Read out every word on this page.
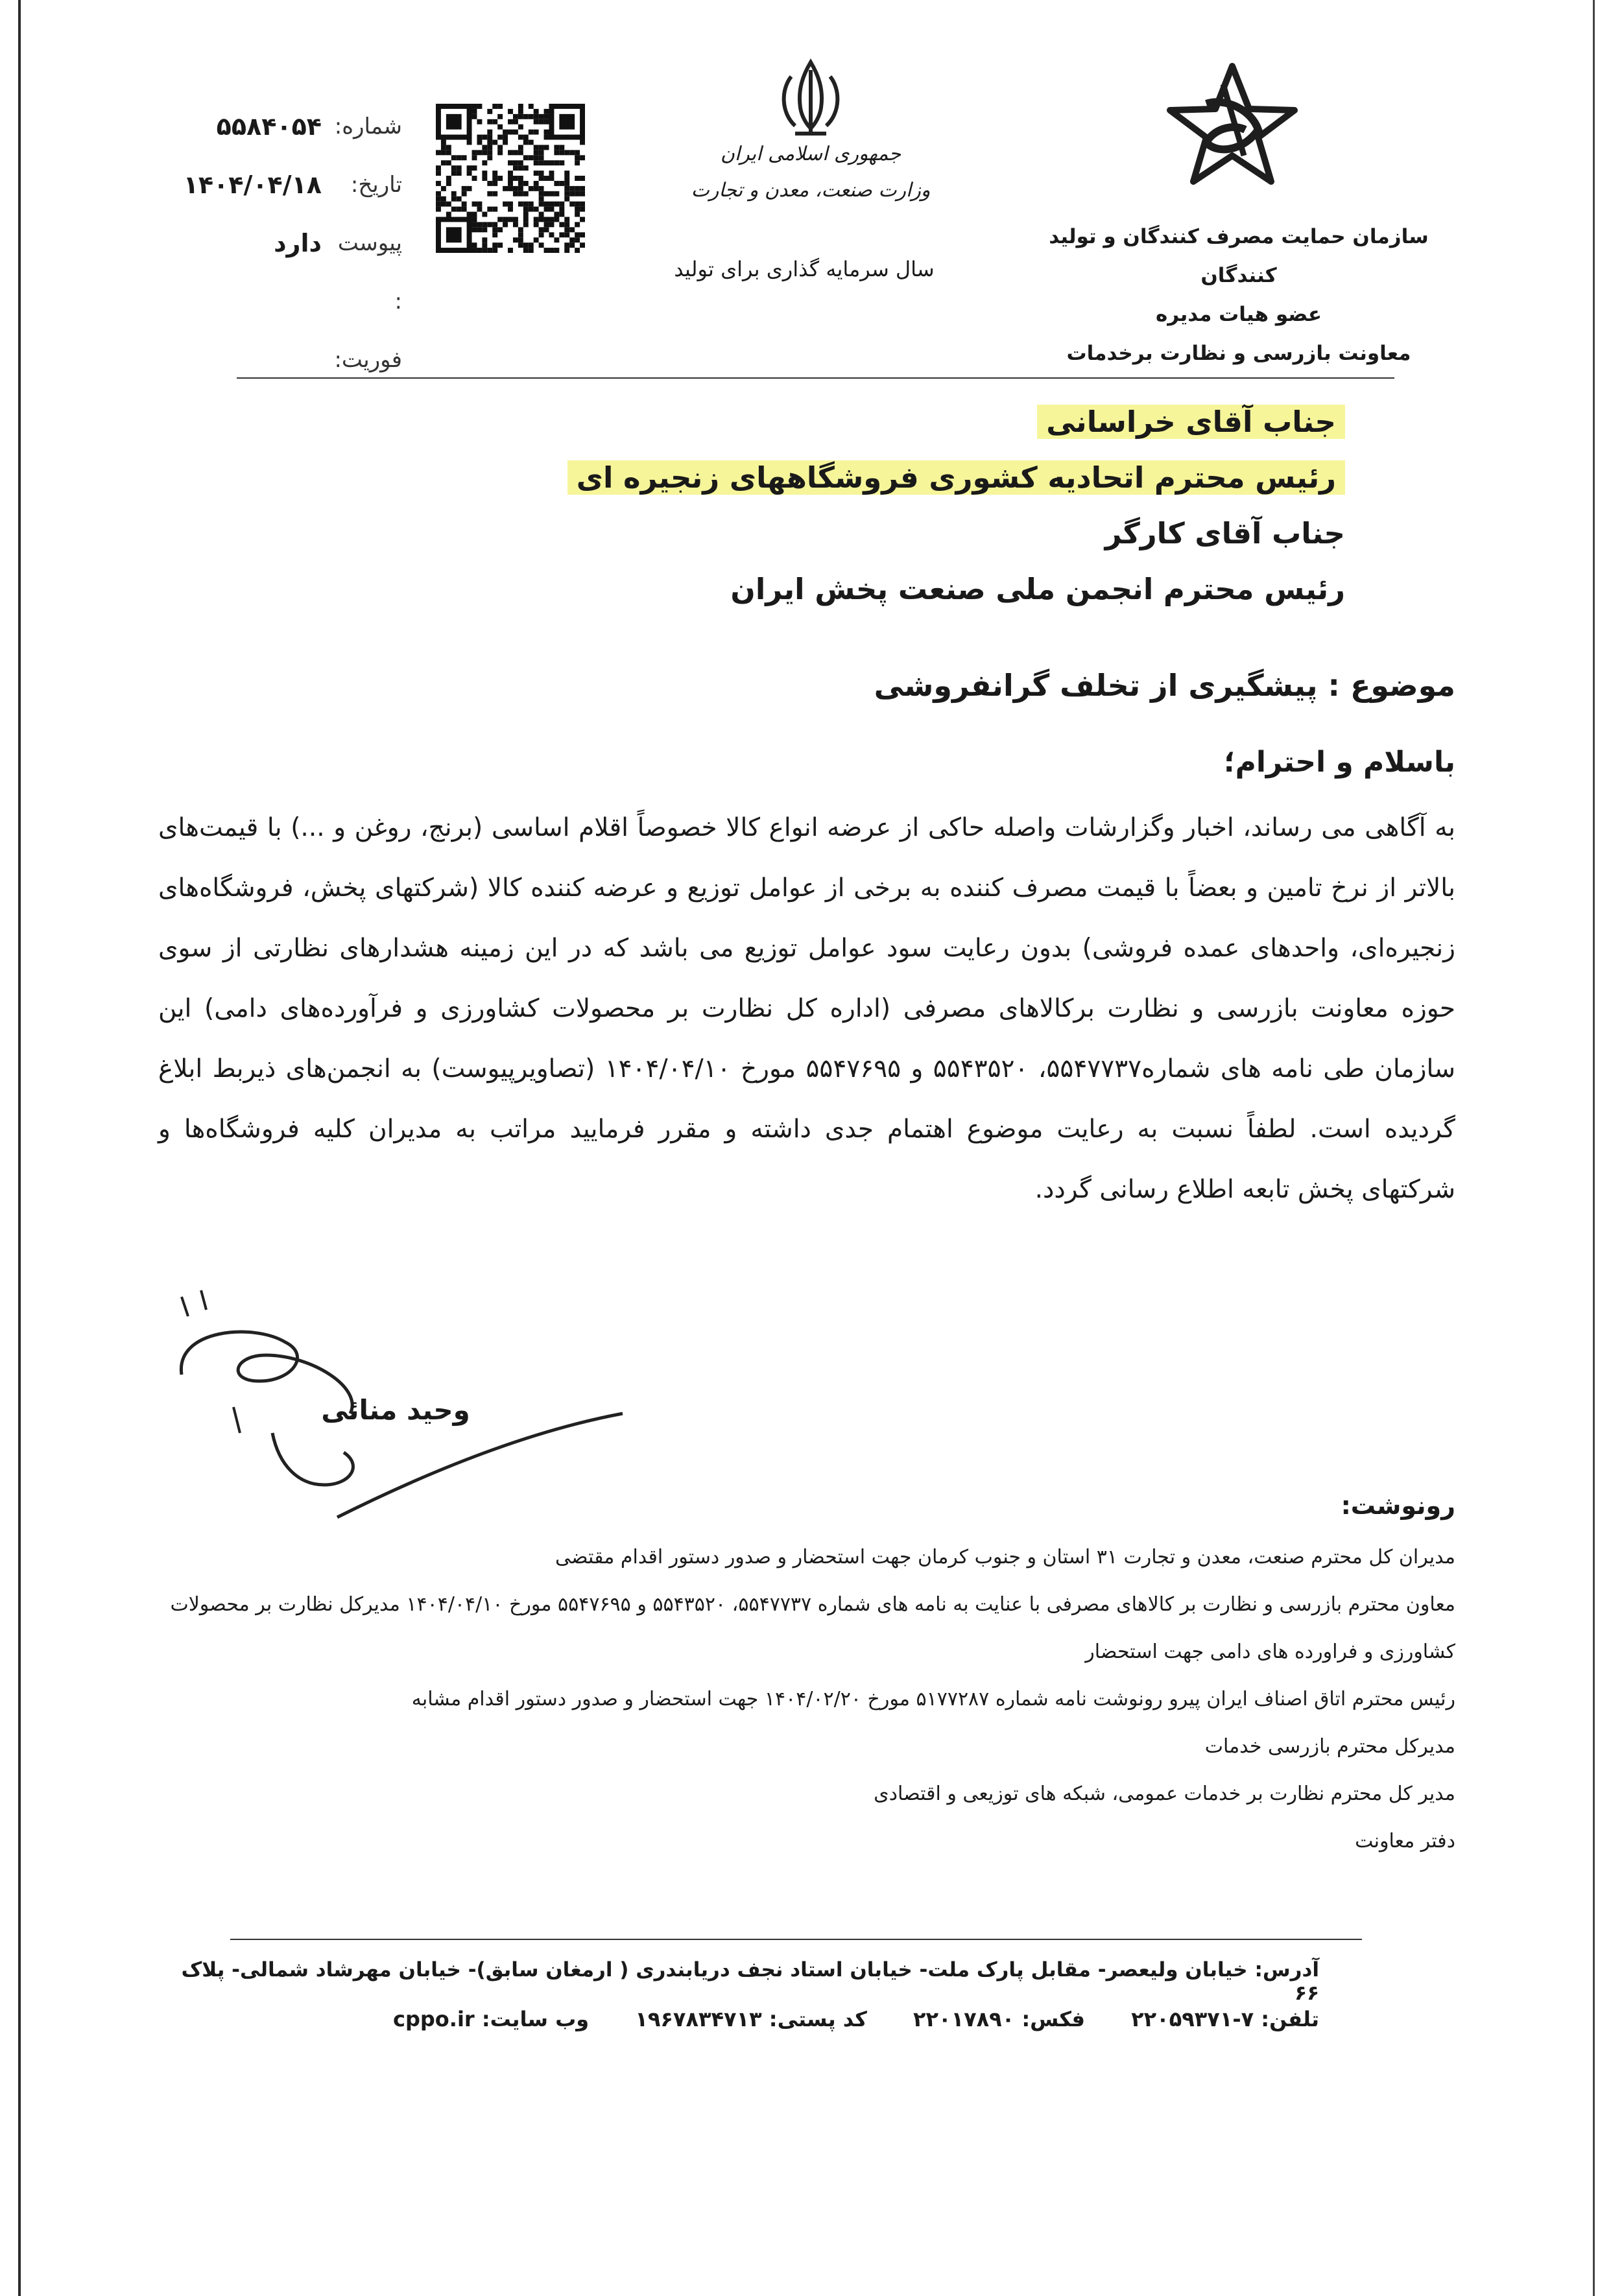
شماره:
۵۵۸۴۰۵۴
تاریخ:
۱۴۰۴/۰۴/۱۸
پیوست :
دارد
فوریت:
جمهوری اسلامی ایران
وزارت صنعت، معدن و تجارت
سال سرمایه گذاری برای تولید
سازمان حمایت مصرف کنندگان و تولید کنندگان
عضو هیات مدیره
معاونت بازرسی و نظارت برخدمات
جناب آقای خراسانی
رئیس محترم اتحادیه کشوری فروشگاههای زنجیره ای
جناب آقای کارگر
رئیس محترم انجمن ملی صنعت پخش ایران
موضوع : پیشگیری از تخلف گرانفروشی
باسلام و احترام؛
به آگاهی می رساند، اخبار وگزارشات واصله حاکی از عرضه انواع کالا خصوصاً اقلام اساسی (برنج، روغن و ...) با قیمت‌های بالاتر از نرخ تامین و بعضاً با قیمت مصرف کننده به برخی از عوامل توزیع و عرضه کننده کالا (شرکتهای پخش، فروشگاه‌های زنجیره‌ای، واحدهای عمده فروشی) بدون رعایت سود عوامل توزیع می باشد که در این زمینه هشدارهای نظارتی از سوی حوزه معاونت بازرسی و نظارت برکالاهای مصرفی (اداره کل نظارت بر محصولات کشاورزی و فرآورده‌های دامی) این سازمان طی نامه های شماره۵۵۴۷۷۳۷، ۵۵۴۳۵۲۰ و ۵۵۴۷۶۹۵ مورخ ۱۴۰۴/۰۴/۱۰ (تصاویرپیوست) به انجمن‌های ذیربط ابلاغ گردیده است. لطفاً نسبت به رعایت موضوع اهتمام جدی داشته و مقرر فرمایید مراتب به مدیران کلیه فروشگاه‌ها و شرکتهای پخش تابعه اطلاع رسانی گردد.
وحید منائی
رونوشت:
مدیران کل محترم صنعت، معدن و تجارت ۳۱ استان و جنوب کرمان جهت استحضار و صدور دستور اقدام مقتضی
معاون محترم بازرسی و نظارت بر کالاهای مصرفی با عنایت به نامه های شماره ۵۵۴۷۷۳۷، ۵۵۴۳۵۲۰ و ۵۵۴۷۶۹۵ مورخ ۱۴۰۴/۰۴/۱۰ مدیرکل نظارت بر محصولات کشاورزی و فراورده های دامی جهت استحضار
رئیس محترم اتاق اصناف ایران پیرو رونوشت نامه شماره ۵۱۷۷۲۸۷ مورخ ۱۴۰۴/۰۲/۲۰ جهت استحضار و صدور دستور اقدام مشابه
مدیرکل محترم بازرسی خدمات
مدیر کل محترم نظارت بر خدمات عمومی، شبکه های توزیعی و اقتصادی
دفتر معاونت
آدرس: خیابان ولیعصر- مقابل پارک ملت- خیابان استاد نجف دریابندری ( ارمغان سابق)- خیابان مهرشاد شمالی- پلاک ۶۶
تلفن: ۷-۲۲۰۵۹۳۷۱ فکس: ۲۲۰۱۷۸۹۰ کد پستی: ۱۹۶۷۸۳۴۷۱۳ وب سایت: cppo.ir
